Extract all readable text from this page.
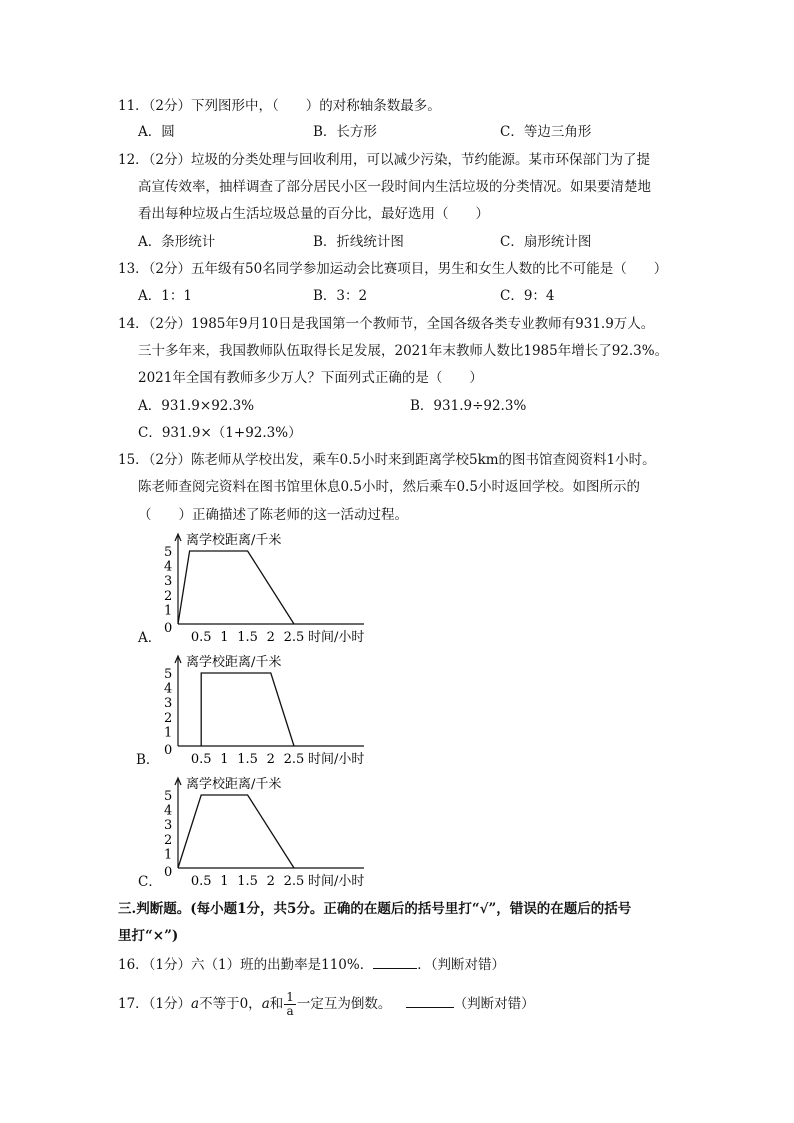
11．（2分）下列图形中，（　　）的对称轴条数最多。
A．圆	B．长方形	C．等边三角形
12．（2分）垃圾的分类处理与回收利用，可以减少污染，节约能源。某市环保部门为了提
高宣传效率，抽样调查了部分居民小区一段时间内生活垃圾的分类情况。如果要清楚地
看出每种垃圾占生活垃圾总量的百分比，最好选用（　　）
A．条形统计	B．折线统计图	C．扇形统计图
13．（2分）五年级有50名同学参加运动会比赛项目，男生和女生人数的比不可能是（　　）
A．1：1	B．3：2	C．9：4
14．（2分）1985年9月10日是我国第一个教师节，全国各级各类专业教师有931.9万人。
三十多年来，我国教师队伍取得长足发展，2021年末教师人数比1985年增长了92.3%。
2021年全国有教师多少万人？下面列式正确的是（　　）
A．931.9×92.3%	B．931.9÷92.3%
C．931.9×（1+92.3%）
15．（2分）陈老师从学校出发，乘车0.5小时来到距离学校5km的图书馆查阅资料1小时。
陈老师查阅完资料在图书馆里休息0.5小时，然后乘车0.5小时返回学校。如图所示的
（　　）正确描述了陈老师的这一活动过程。
A．
离学校距离/千米
0
1
2
3
4
5
0.5 1 1.5 2 2.5 时间/小时
B．
离学校距离/千米
0
1
2
3
4
5
0.5 1 1.5 2 2.5 时间/小时
C．
离学校距离/千米
0
1
2
3
4
5
0.5 1 1.5 2 2.5 时间/小时
三.判断题。(每小题1分，共5分。正确的在题后的括号里打“√”，错误的在题后的括号
里打“×”)
16．（1分）六（1）班的出勤率是110%．	．（判断对错）
17．（1分）a不等于0，a和 $\frac{1}{a}$ 一定互为倒数。	（判断对错）
